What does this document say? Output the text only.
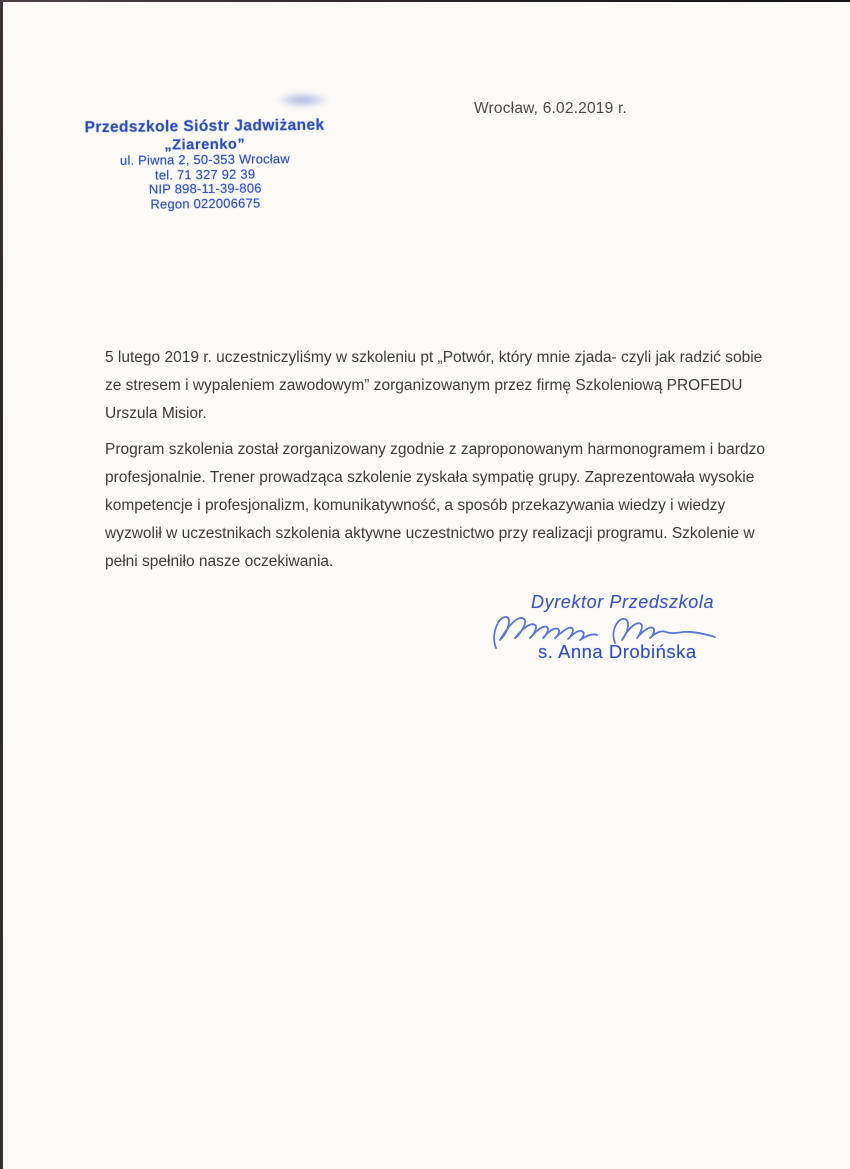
Wrocław, 6.02.2019 r.
Przedszkole Sióstr Jadwiżanek
„Ziarenko”
ul. Piwna 2, 50-353 Wrocław
tel. 71 327 92 39
NIP 898-11-39-806
Regon 022006675

5 lutego 2019 r. uczestniczyliśmy w szkoleniu pt „Potwór, który mnie zjada- czyli jak radzić sobie ze stresem i wypaleniem zawodowym” zorganizowanym przez firmę Szkoleniową PROFEDU Urszula Misior.

Program szkolenia został zorganizowany zgodnie z zaproponowanym harmonogramem i bardzo profesjonalnie. Trener prowadząca szkolenie zyskała sympatię grupy. Zaprezentowała wysokie kompetencje i profesjonalizm, komunikatywność, a sposób przekazywania wiedzy i wiedzy wyzwolił w uczestnikach szkolenia aktywne uczestnictwo przy realizacji programu. Szkolenie w pełni spełniło nasze oczekiwania.

Dyrektor Przedszkola
s. Anna Drobińska
